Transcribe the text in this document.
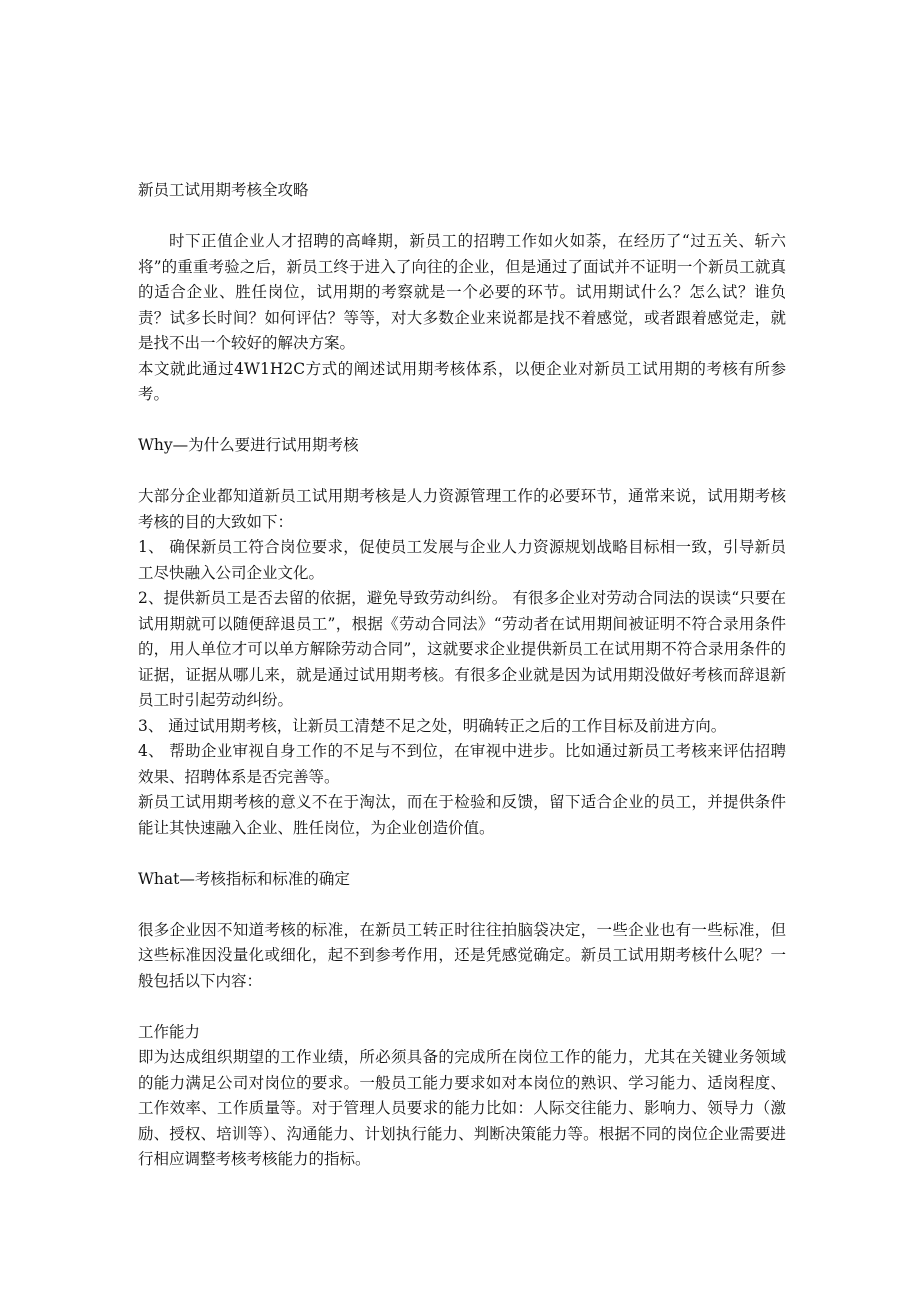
新员工试用期考核全攻略

时下正值企业人才招聘的高峰期，新员工的招聘工作如火如荼，在经历了“过五关、斩六将”的重重考验之后，新员工终于进入了向往的企业，但是通过了面试并不证明一个新员工就真的适合企业、胜任岗位，试用期的考察就是一个必要的环节。试用期试什么？怎么试？谁负责？试多长时间？如何评估？等等，对大多数企业来说都是找不着感觉，或者跟着感觉走，就是找不出一个较好的解决方案。

本文就此通过4W1H2C方式的阐述试用期考核体系，以便企业对新员工试用期的考核有所参考。

Why—为什么要进行试用期考核

大部分企业都知道新员工试用期考核是人力资源管理工作的必要环节，通常来说，试用期考核考核的目的大致如下：

1、 确保新员工符合岗位要求，促使员工发展与企业人力资源规划战略目标相一致，引导新员工尽快融入公司企业文化。

2、提供新员工是否去留的依据，避免导致劳动纠纷。 有很多企业对劳动合同法的误读“只要在试用期就可以随便辞退员工”，根据《劳动合同法》“劳动者在试用期间被证明不符合录用条件的，用人单位才可以单方解除劳动合同”，这就要求企业提供新员工在试用期不符合录用条件的证据，证据从哪儿来，就是通过试用期考核。有很多企业就是因为试用期没做好考核而辞退新员工时引起劳动纠纷。

3、 通过试用期考核，让新员工清楚不足之处，明确转正之后的工作目标及前进方向。

4、 帮助企业审视自身工作的不足与不到位，在审视中进步。比如通过新员工考核来评估招聘效果、招聘体系是否完善等。

新员工试用期考核的意义不在于淘汰，而在于检验和反馈，留下适合企业的员工，并提供条件能让其快速融入企业、胜任岗位，为企业创造价值。

What—考核指标和标准的确定

很多企业因不知道考核的标准，在新员工转正时往往拍脑袋决定，一些企业也有一些标准，但这些标准因没量化或细化，起不到参考作用，还是凭感觉确定。新员工试用期考核什么呢？一般包括以下内容：

工作能力

即为达成组织期望的工作业绩，所必须具备的完成所在岗位工作的能力，尤其在关键业务领域的能力满足公司对岗位的要求。一般员工能力要求如对本岗位的熟识、学习能力、适岗程度、工作效率、工作质量等。对于管理人员要求的能力比如：人际交往能力、影响力、领导力（激励、授权、培训等）、沟通能力、计划执行能力、判断决策能力等。根据不同的岗位企业需要进行相应调整考核考核能力的指标。
